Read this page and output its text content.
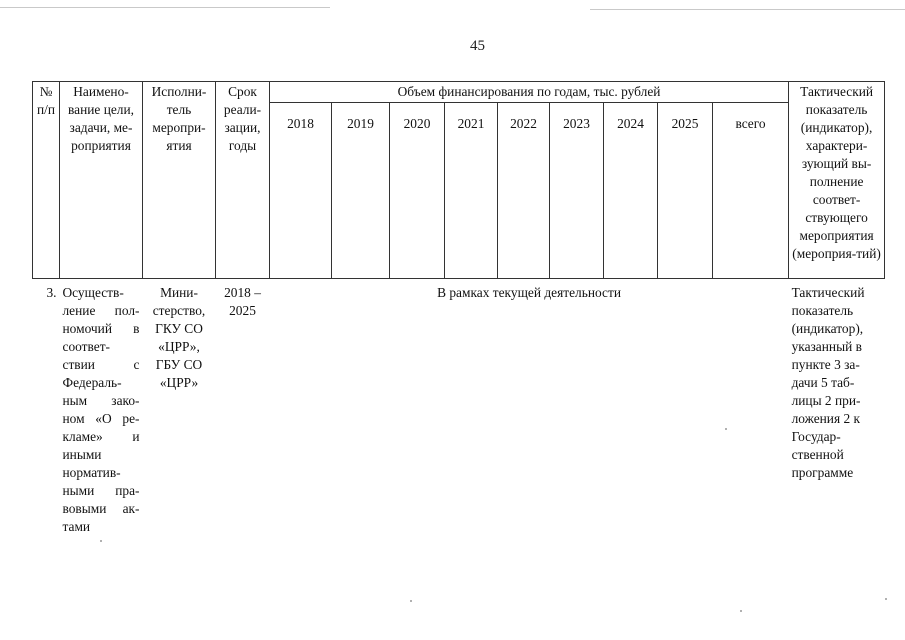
45
№ п/п	Наимено-вание цели, задачи, ме-роприятия	Исполни-тель меропри-ятия	Срок реали-зации, годы	Объем финансирования по годам, тыс. рублей									Тактический показатель (индикатор), характери-зующий вы-полнение соответ-ствующего мероприятия (мероприя-тий)
				2018	2019	2020	2021	2022	2023	2024	2025	всего	
3.	Осуществ-ление пол-номочий в соответ-ствии с Федераль-ным зако-ном «О ре-кламе» и иными норматив-ными пра-вовыми ак-тами	Мини-стерство, ГКУ СО «ЦРР», ГБУ СО «ЦРР»	2018 – 2025	В рамках текущей деятельности									Тактический показатель (индикатор), указанный в пункте 3 за-дачи 5 таб-лицы 2 при-ложения 2 к Государ-ственной программе
